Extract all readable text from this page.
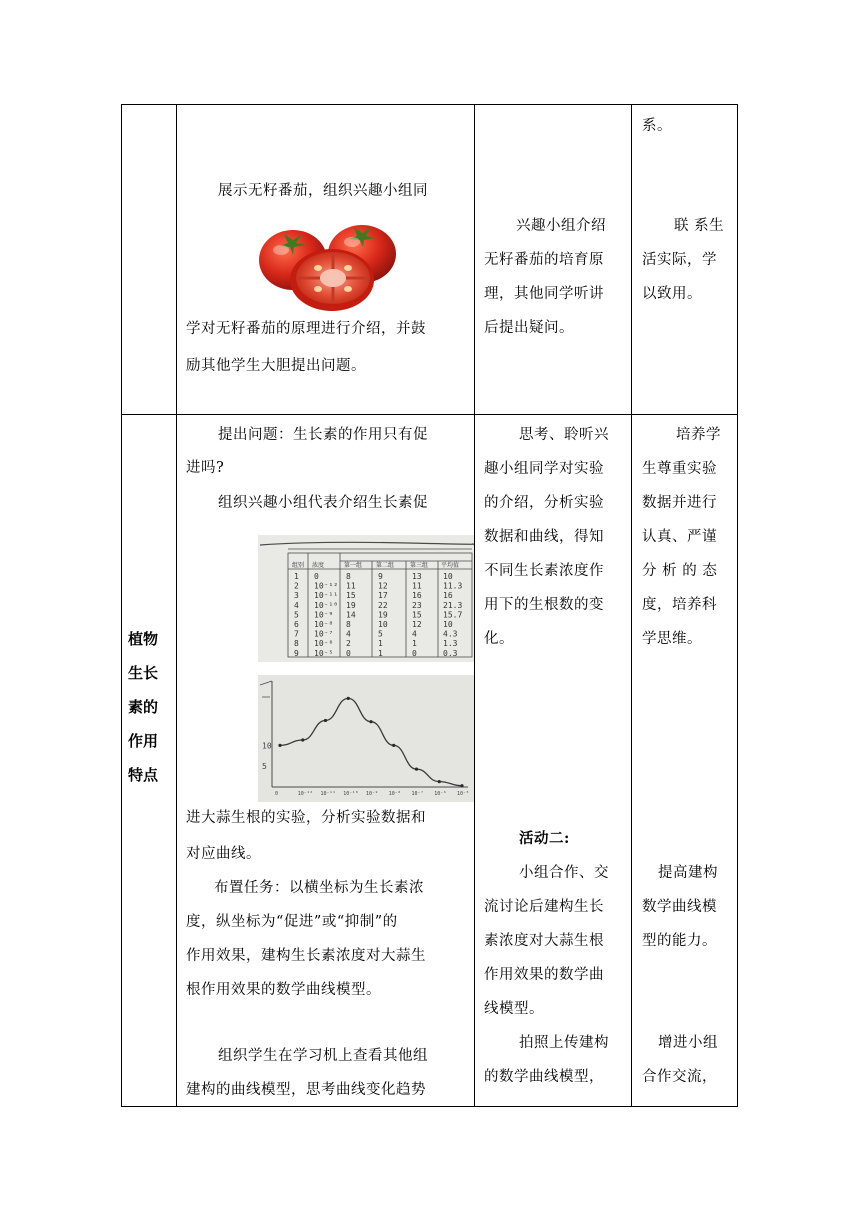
展示无籽番茄，组织兴趣小组同
学对无籽番茄的原理进行介绍，并鼓
励其他学生大胆提出问题。
兴趣小组介绍
无籽番茄的培育原
理，其他同学听讲
后提出疑问。
系。
联 系生
活实际，学
以致用。
植物
生长
素的
作用
特点
提出问题：生长素的作用只有促
进吗?
组织兴趣小组代表介绍生长素促
组别 浓度	第一组 第二组	第三组 平均值
1 0	8	9	13	10
2 10⁻¹² 11	12	11	11.3
3 10⁻¹¹ 15	17	16	16
4 10⁻¹⁰ 19	22	23	21.3
5 10⁻⁹ 14	19	15	15.7
6 10⁻⁸ 8	10	12	10
7 10⁻⁷ 4	5	4	4.3
8 10⁻⁶ 2	1	1	1.3
9 10⁻⁵ 0	1	0	0.3
5
10
0	10⁻¹² 10⁻¹¹ 10⁻¹⁰ 10⁻⁹ 10⁻⁸ 10⁻⁷ 10⁻⁶ 10⁻⁵
进大蒜生根的实验，分析实验数据和
对应曲线。
布置任务：以横坐标为生长素浓
度，纵坐标为“促进”或“抑制”的
作用效果，建构生长素浓度对大蒜生
根作用效果的数学曲线模型。
组织学生在学习机上查看其他组
建构的曲线模型，思考曲线变化趋势
思考、聆听兴
趣小组同学对实验
的介绍，分析实验
数据和曲线，得知
不同生长素浓度作
用下的生根数的变
化。
活动二:
小组合作、交
流讨论后建构生长
素浓度对大蒜生根
作用效果的数学曲
线模型。
拍照上传建构
的数学曲线模型，
培养学
生尊重实验
数据并进行
认真、严谨
分 析 的 态
度，培养科
学思维。
提高建构
数学曲线模
型的能力。
增进小组
合作交流，
